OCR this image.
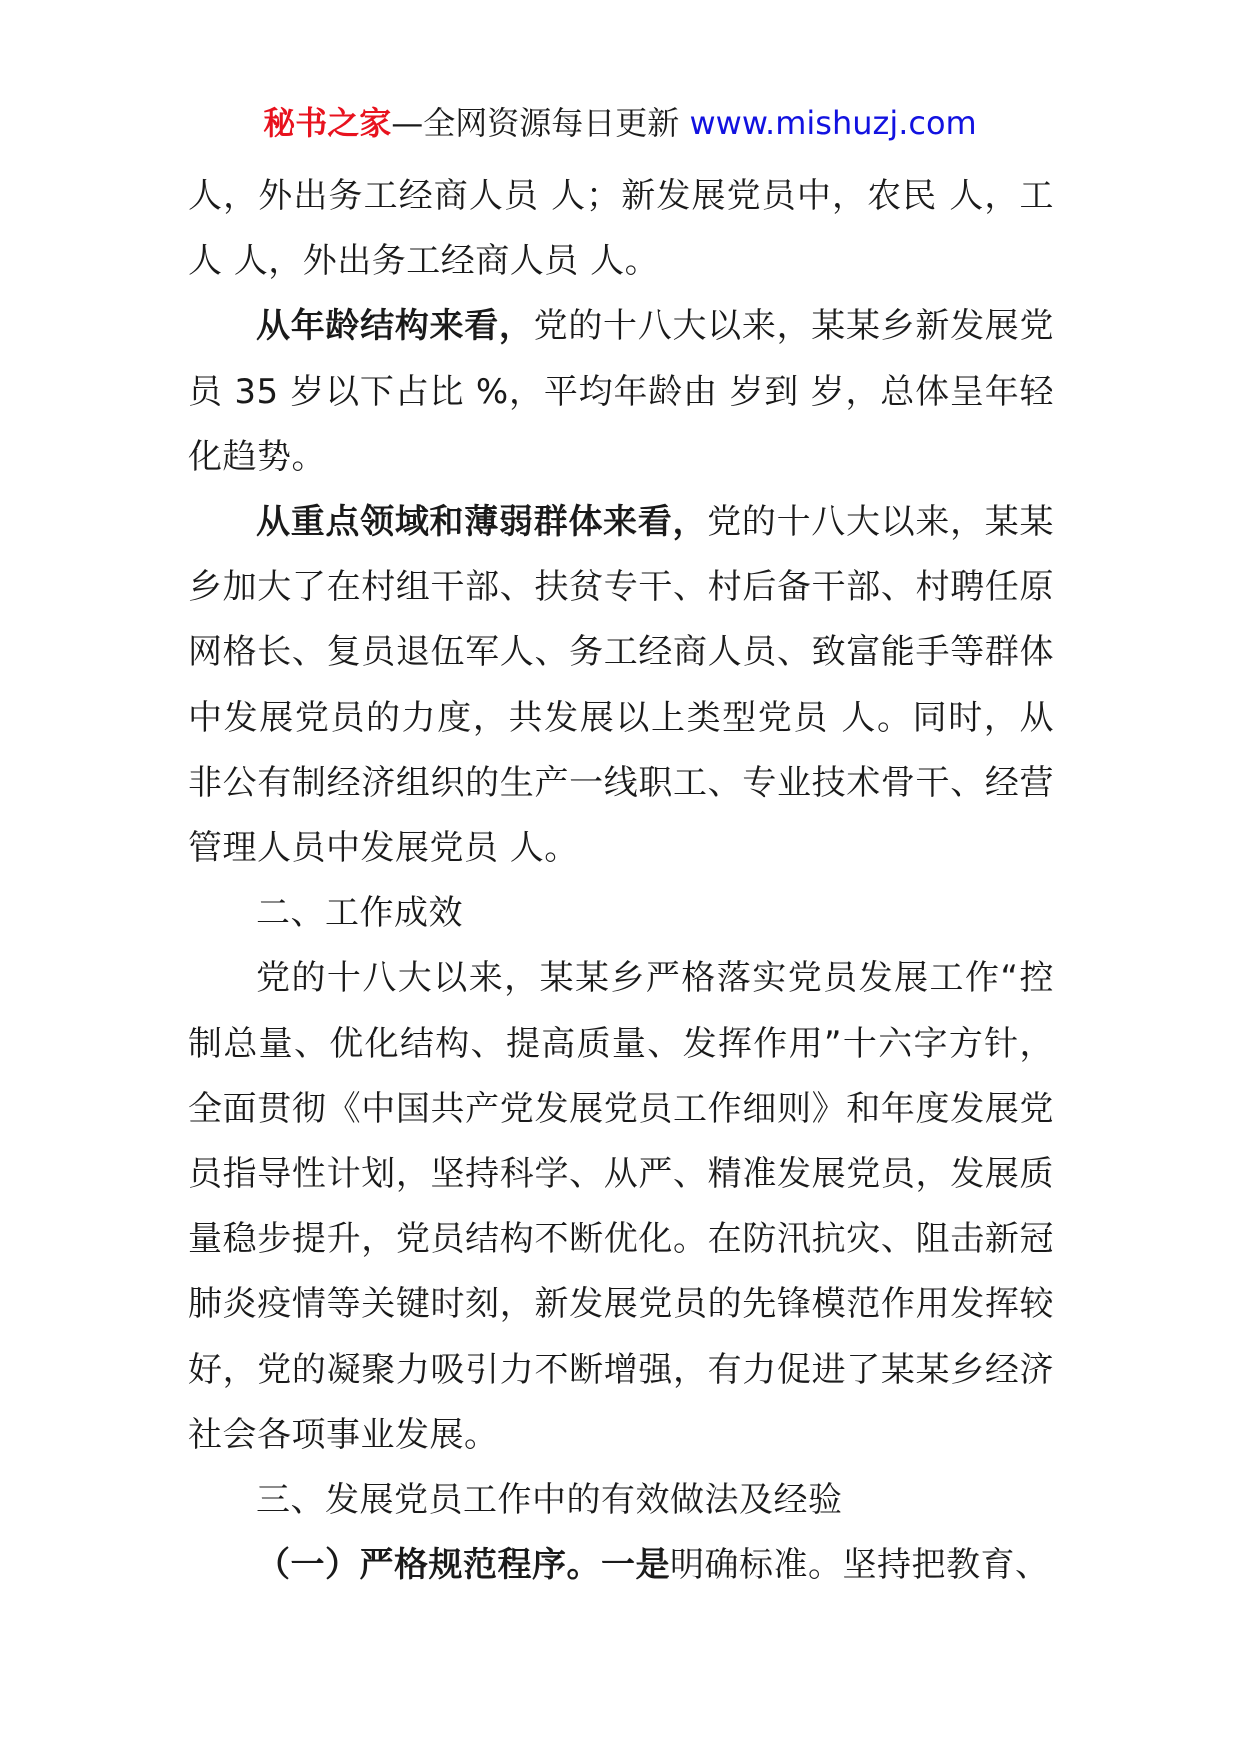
秘书之家—全网资源每日更新 www.mishuzj.com

人，外出务工经商人员 人；新发展党员中，农民 人，工人 人，外出务工经商人员 人。

从年龄结构来看，党的十八大以来，某某乡新发展党员 35 岁以下占比 %，平均年龄由 岁到 岁，总体呈年轻化趋势。

从重点领域和薄弱群体来看，党的十八大以来，某某乡加大了在村组干部、扶贫专干、村后备干部、村聘任原网格长、复员退伍军人、务工经商人员、致富能手等群体中发展党员的力度，共发展以上类型党员 人。同时，从非公有制经济组织的生产一线职工、专业技术骨干、经营管理人员中发展党员 人。

二、工作成效

党的十八大以来，某某乡严格落实党员发展工作“控制总量、优化结构、提高质量、发挥作用”十六字方针，全面贯彻《中国共产党发展党员工作细则》和年度发展党员指导性计划，坚持科学、从严、精准发展党员，发展质量稳步提升，党员结构不断优化。在防汛抗灾、阻击新冠肺炎疫情等关键时刻，新发展党员的先锋模范作用发挥较好，党的凝聚力吸引力不断增强，有力促进了某某乡经济社会各项事业发展。

三、发展党员工作中的有效做法及经验

（一）严格规范程序。一是明确标准。坚持把教育、
